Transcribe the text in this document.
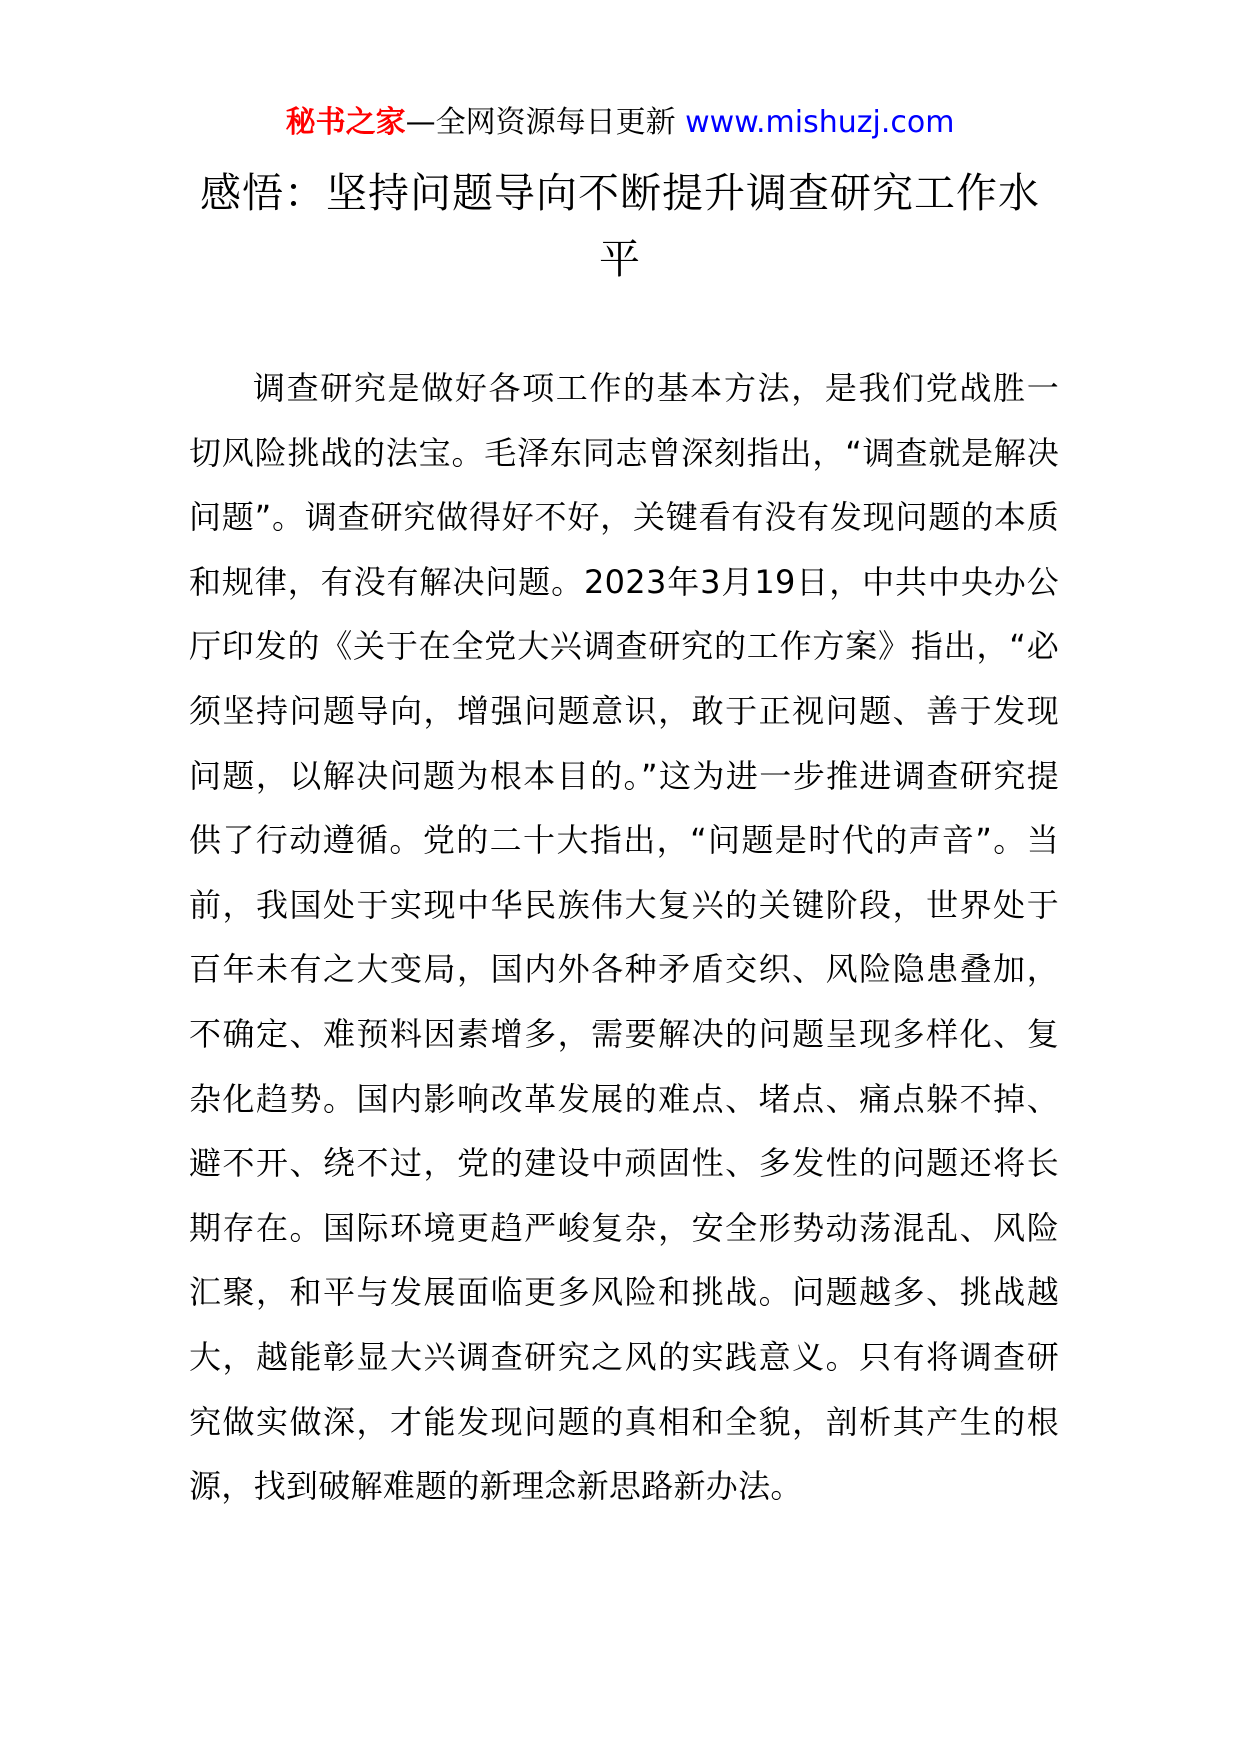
秘书之家—全网资源每日更新 www.mishuzj.com
感悟：坚持问题导向不断提升调查研究工作水平
调查研究是做好各项工作的基本方法，是我们党战胜一切风险挑战的法宝。毛泽东同志曾深刻指出，“调查就是解决问题”。调查研究做得好不好，关键看有没有发现问题的本质和规律，有没有解决问题。2023年3月19日，中共中央办公厅印发的《关于在全党大兴调查研究的工作方案》指出，“必须坚持问题导向，增强问题意识，敢于正视问题、善于发现问题，以解决问题为根本目的。”这为进一步推进调查研究提供了行动遵循。党的二十大指出，“问题是时代的声音”。当前，我国处于实现中华民族伟大复兴的关键阶段，世界处于百年未有之大变局，国内外各种矛盾交织、风险隐患叠加，不确定、难预料因素增多，需要解决的问题呈现多样化、复杂化趋势。国内影响改革发展的难点、堵点、痛点躲不掉、避不开、绕不过，党的建设中顽固性、多发性的问题还将长期存在。国际环境更趋严峻复杂，安全形势动荡混乱、风险汇聚，和平与发展面临更多风险和挑战。问题越多、挑战越大，越能彰显大兴调查研究之风的实践意义。只有将调查研究做实做深，才能发现问题的真相和全貌，剖析其产生的根源，找到破解难题的新理念新思路新办法。
